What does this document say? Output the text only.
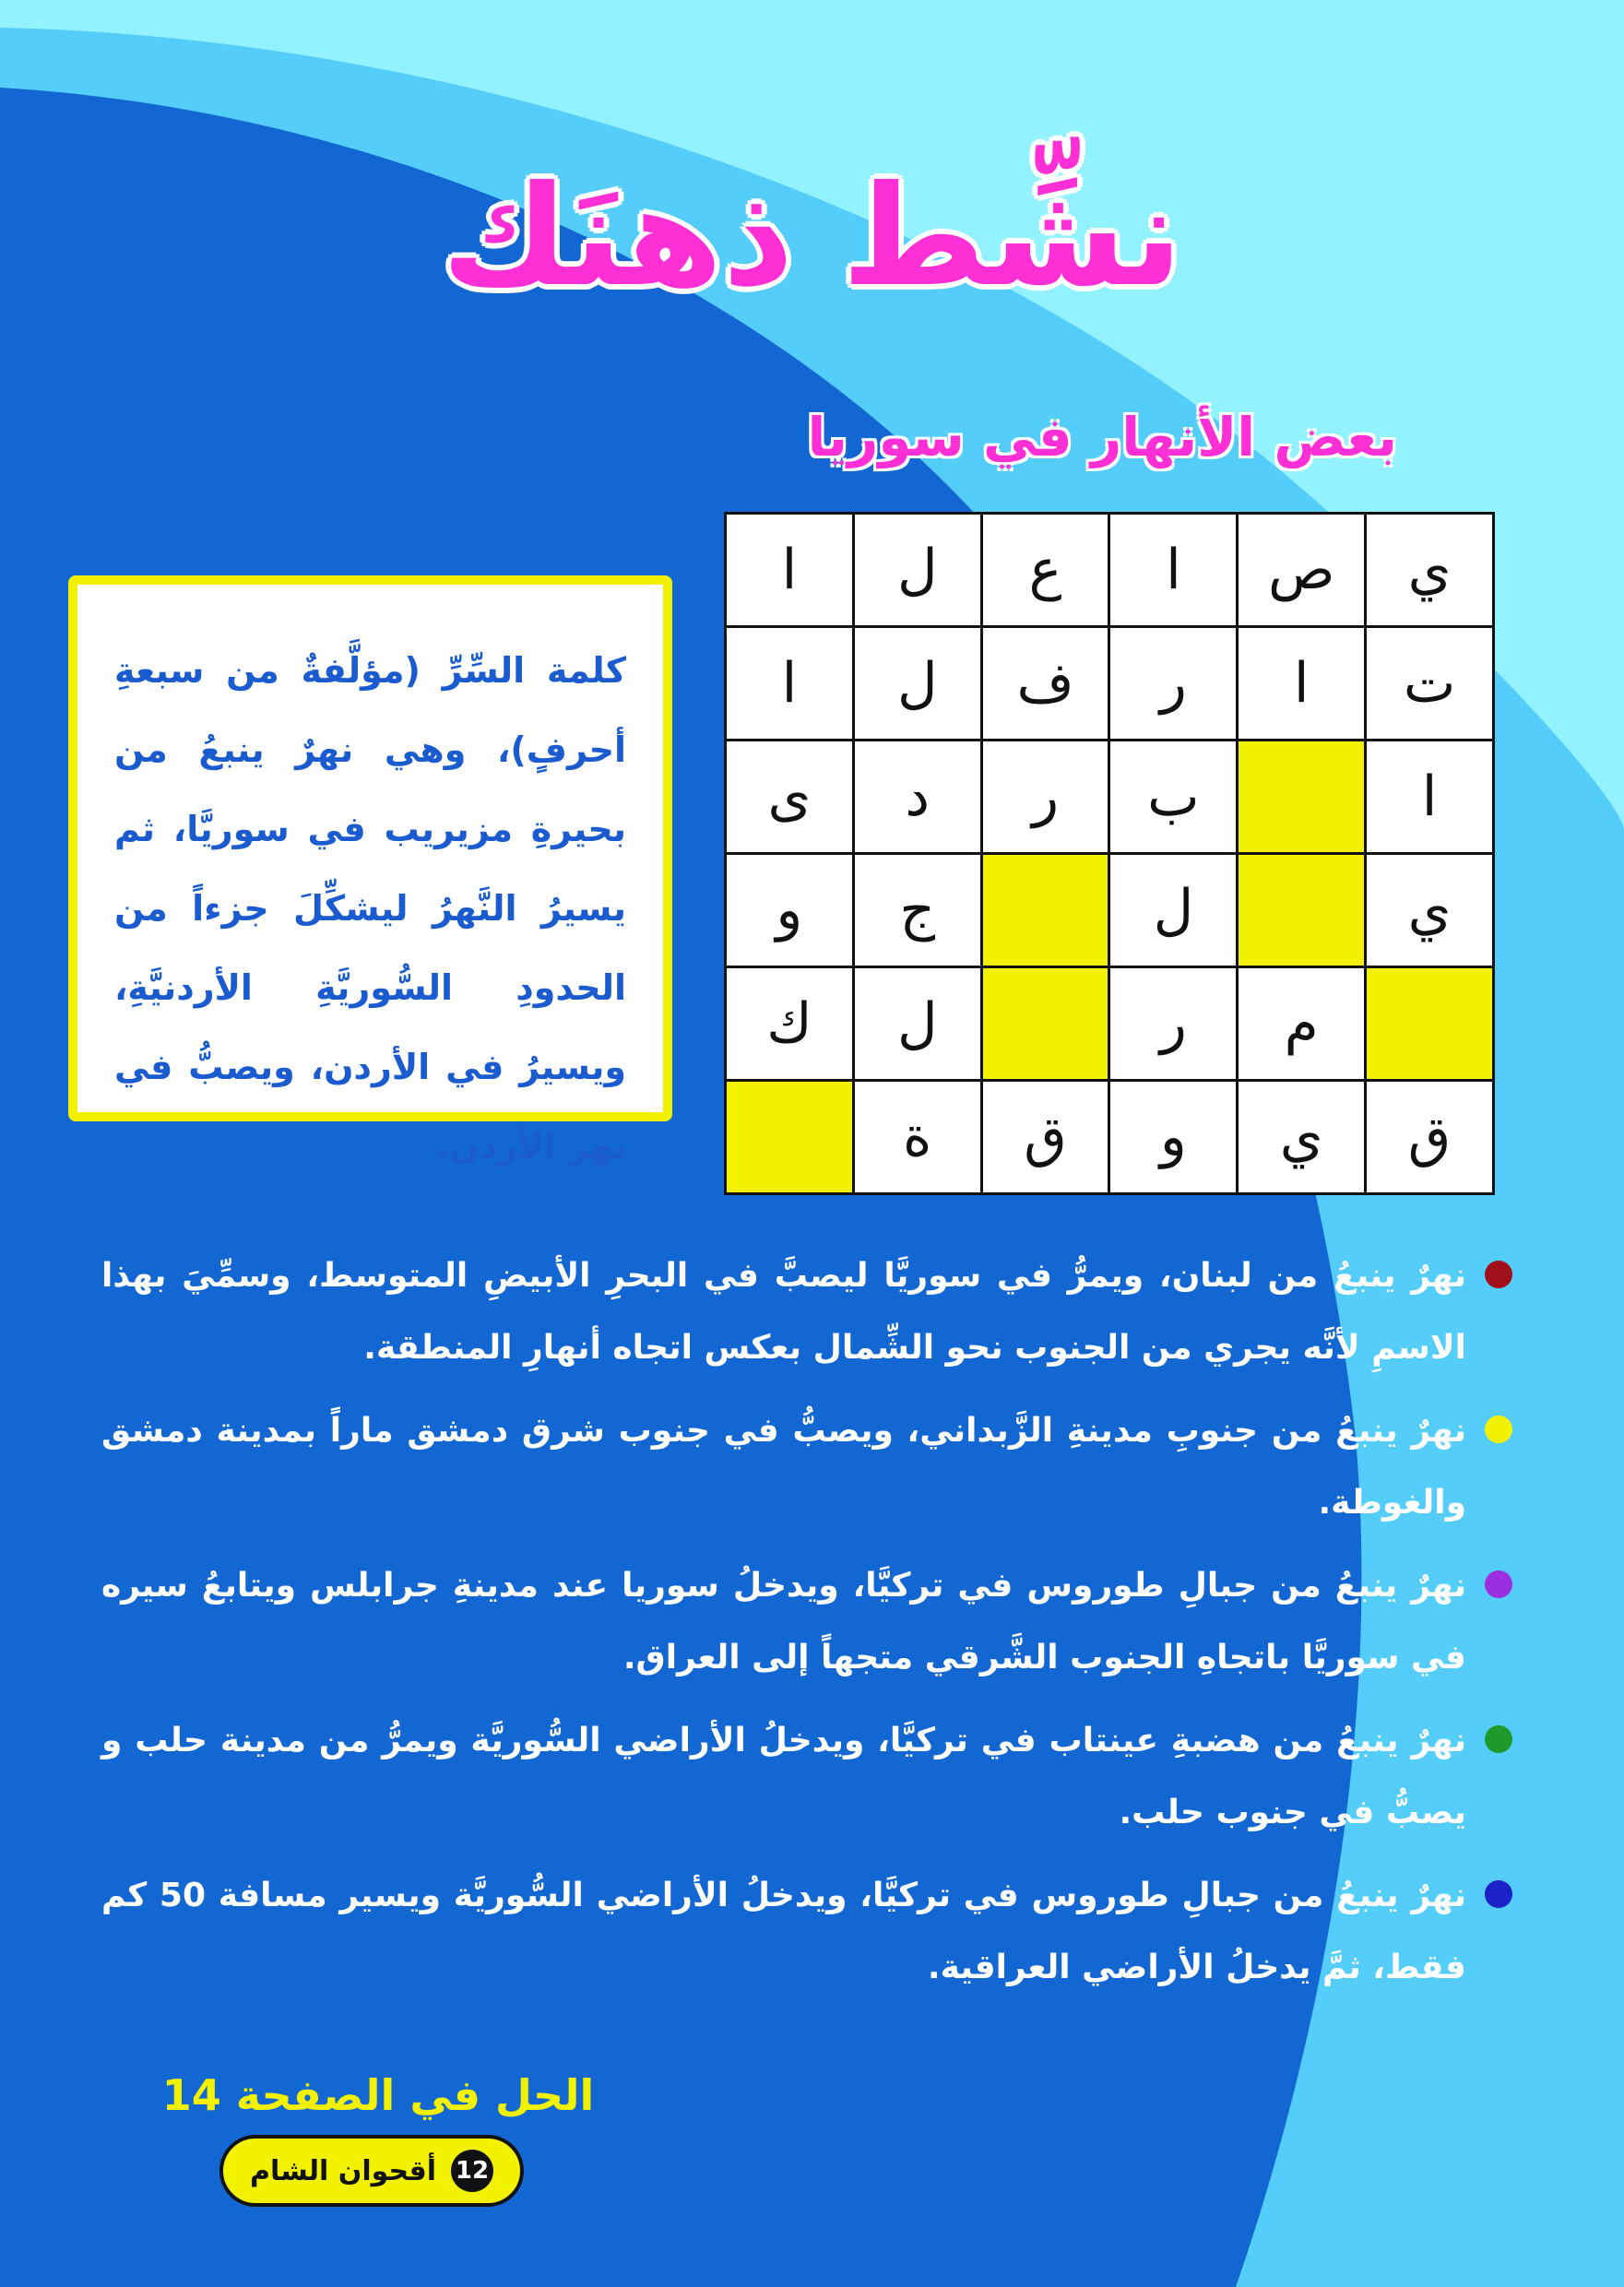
نشِّط ذهنَك
بعض الأنهار في سوريا
ي	ص	ا	ع	ل	ا
ت	ا	ر	ف	ل	ا
ا		ب	ر	د	ى
ي		ل		ج	و
	م	ر		ل	ك
ق	ي	و	ق	ة	
كلمة السِّرِّ (مؤلَّفةٌ من سبعةِ أحرفٍ)، وهي نهرٌ ينبعُ من بحيرةِ مزيريب في سوريَّا، ثم يسيرُ النَّهرُ ليشكِّلَ جزءاً من الحدودِ السُّوريَّةِ الأردنيَّةِ، ويسيرُ في الأردن، ويصبُّ في نهر الأردن.
نهرٌ ينبعُ من لبنان، ويمرُّ في سوريَّا ليصبَّ في البحرِ الأبيضِ المتوسط، وسمِّيَ بهذا الاسمِ لأنَّه يجري من الجنوب نحو الشِّمال بعكس اتجاه أنهارِ المنطقة.
نهرٌ ينبعُ من جنوبِ مدينةِ الزَّبداني، ويصبُّ في جنوب شرق دمشق ماراً بمدينة دمشق والغوطة.
نهرٌ ينبعُ من جبالِ طوروس في تركيَّا، ويدخلُ سوريا عند مدينةِ جرابلس ويتابعُ سيره في سوريَّا باتجاهِ الجنوب الشَّرقي متجهاً إلى العراق.
نهرٌ ينبعُ من هضبةِ عينتاب في تركيَّا، ويدخلُ الأراضي السُّوريَّة ويمرُّ من مدينة حلب و يصبُّ في جنوب حلب.
نهرٌ ينبعُ من جبالِ طوروس في تركيَّا، ويدخلُ الأراضي السُّوريَّة ويسير مسافة 50 كم فقط، ثمَّ يدخلُ الأراضي العراقية.
الحل في الصفحة 14
12
أقحوان الشام
